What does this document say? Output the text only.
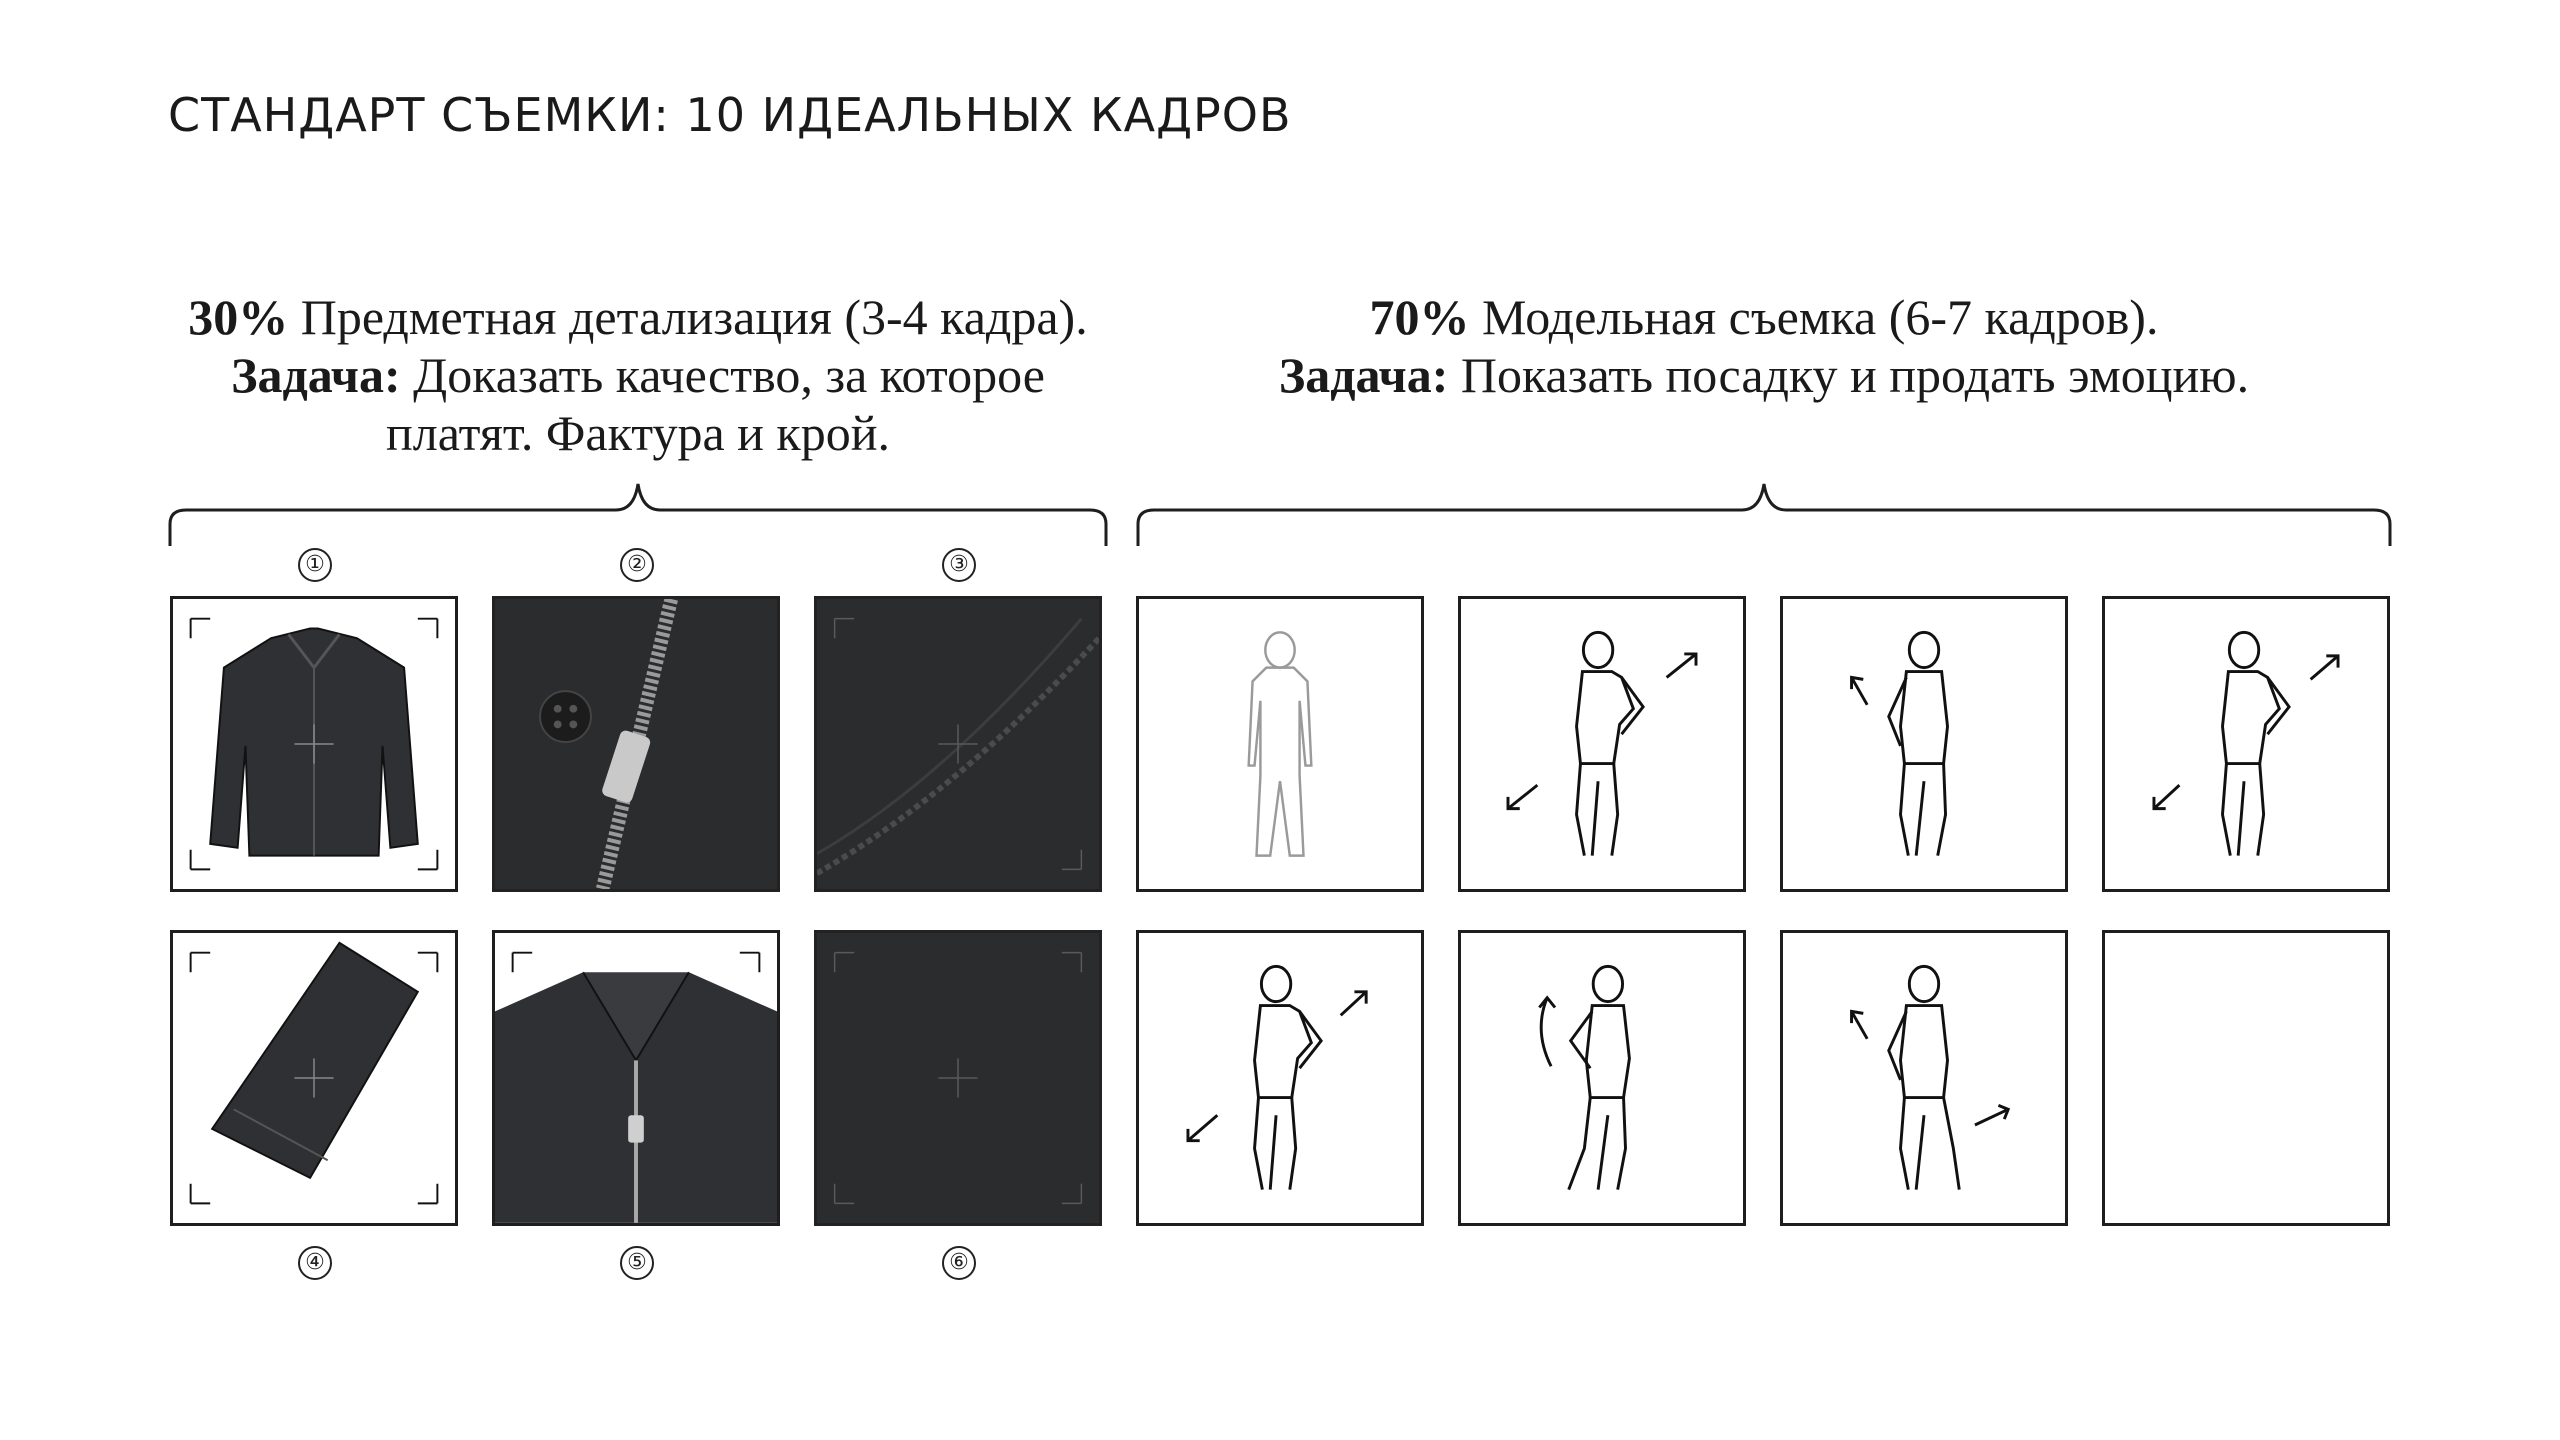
СТАНДАРТ СЪЕМКИ: 10 ИДЕАЛЬНЫХ КАДРОВ
30% Предметная детализация (3-4 кадра).
Задача: Доказать качество, за которое платят. Фактура и крой.
70% Модельная съемка (6-7 кадров).
Задача: Показать посадку и продать эмоцию.
①	②	③
④	⑤	⑥
